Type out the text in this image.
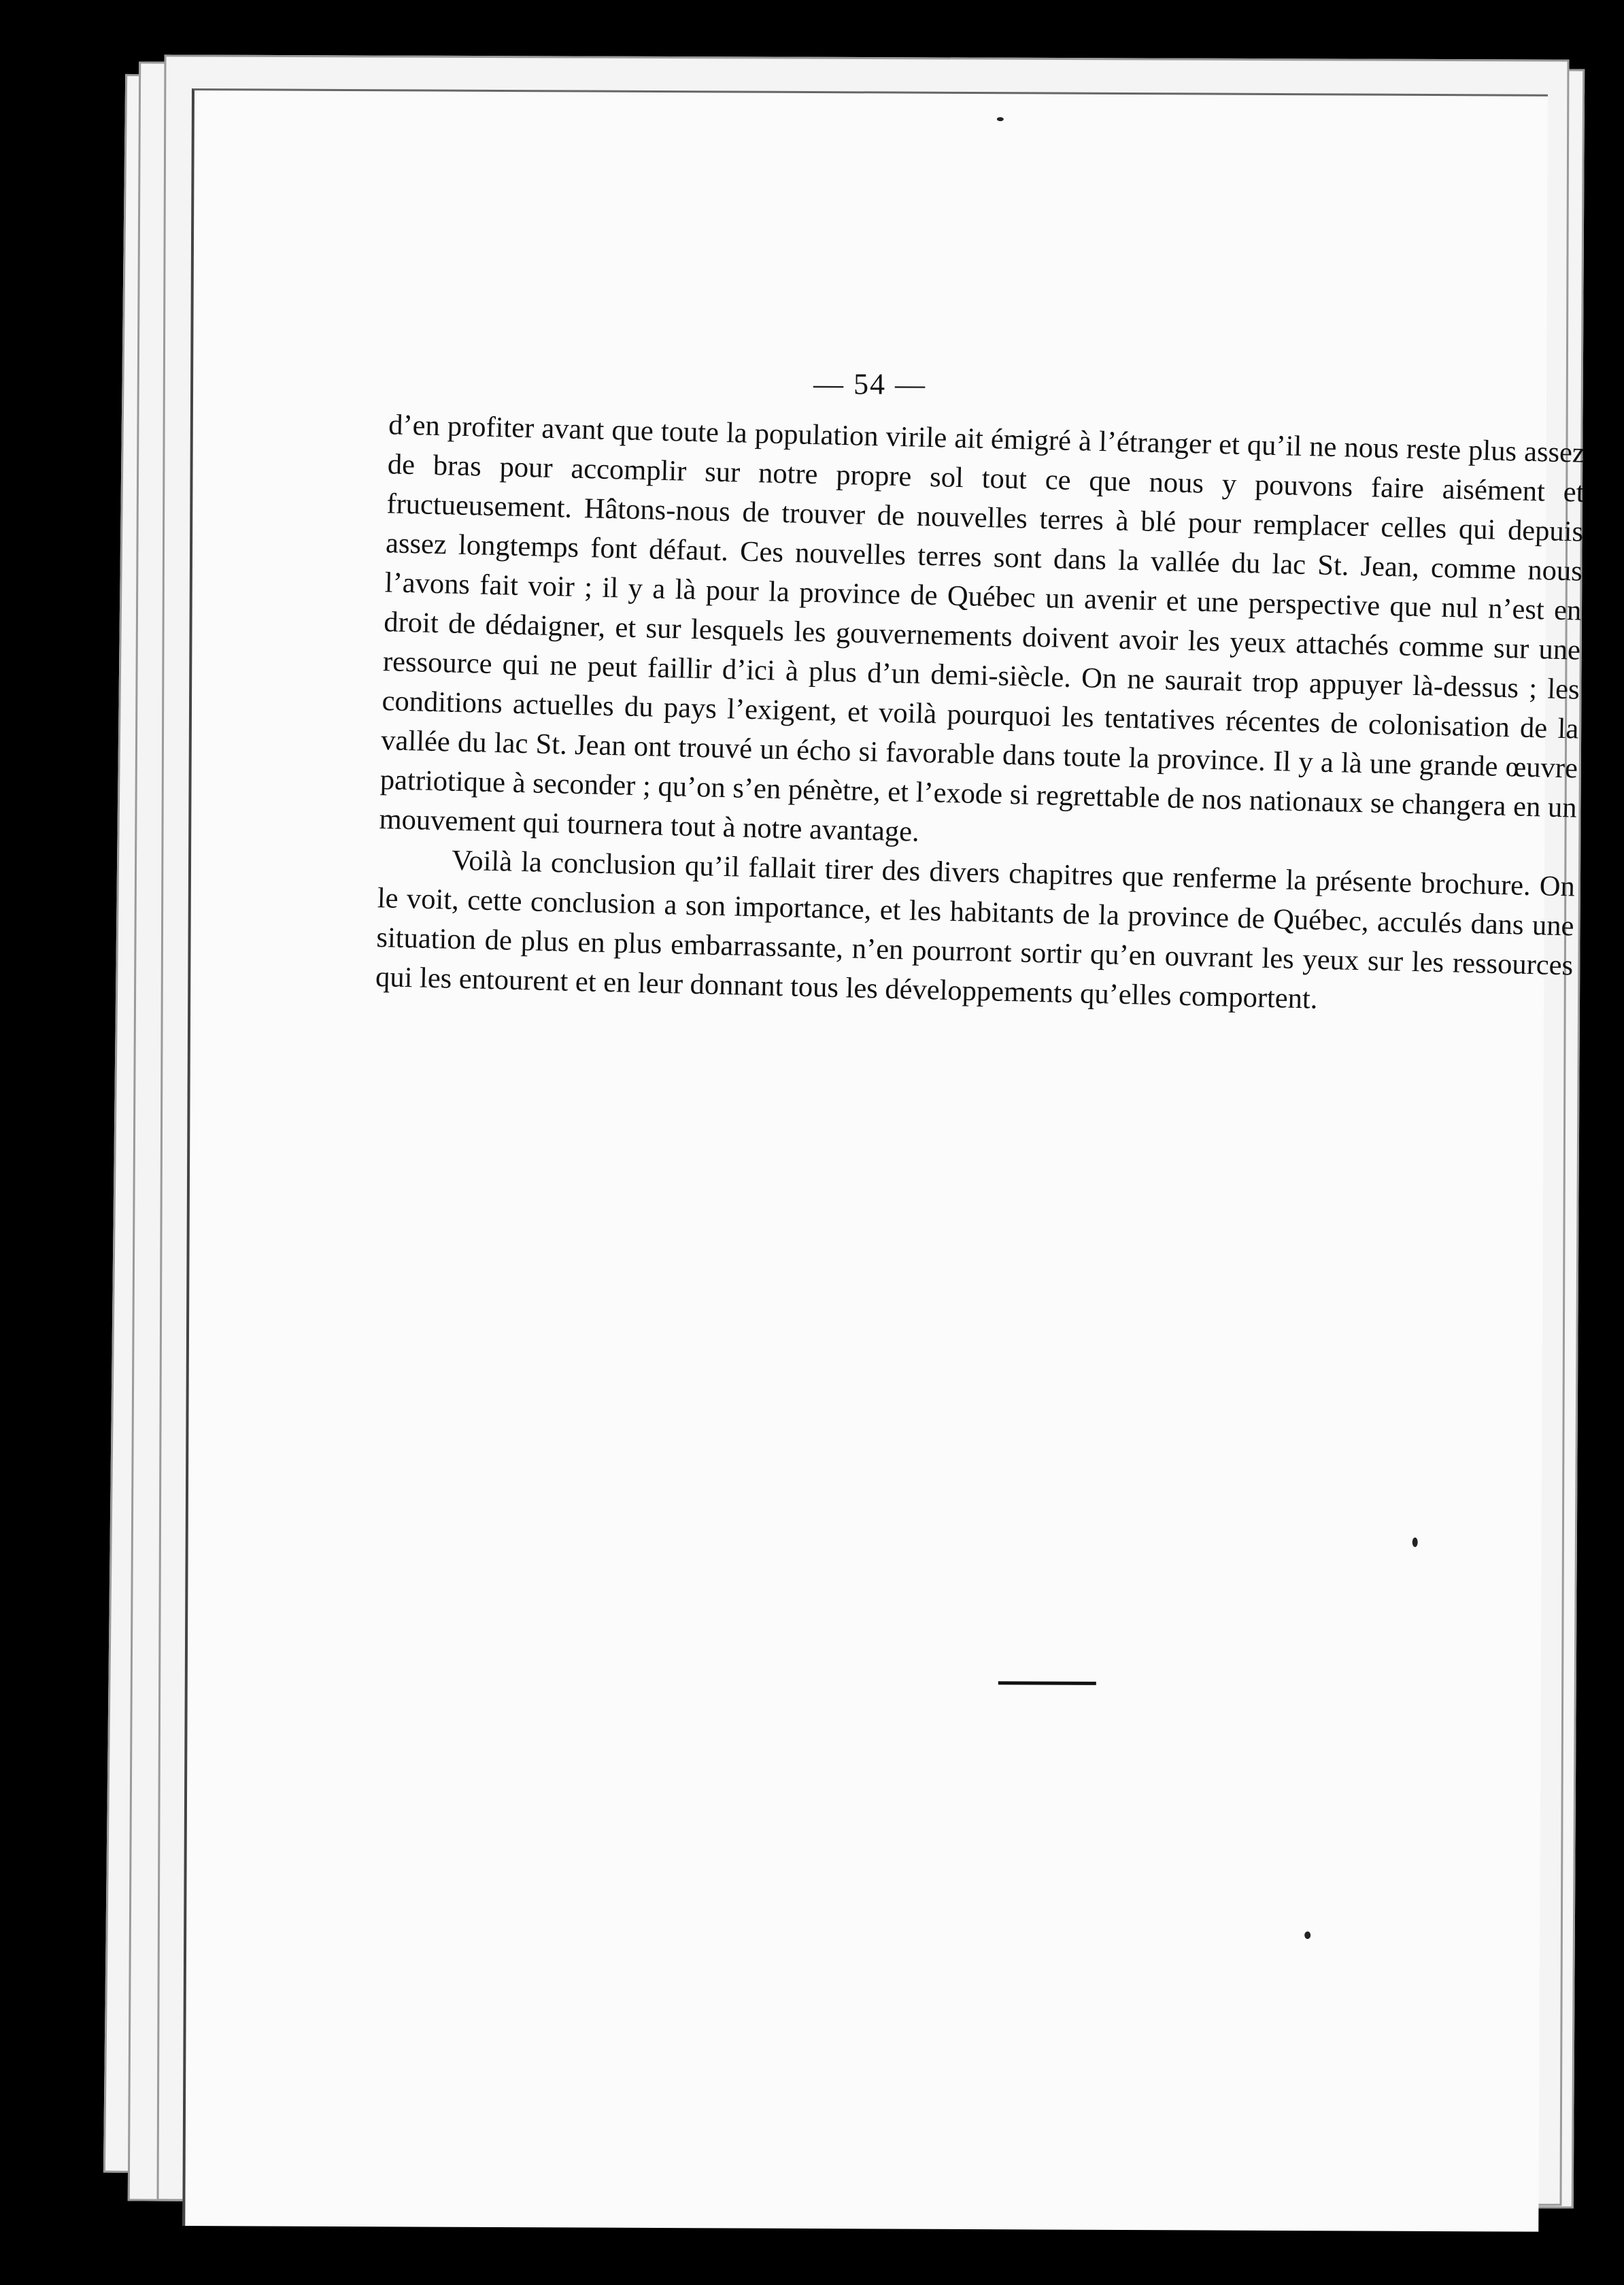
— 54 —

d’en profiter avant que toute la population virile ait émigré à l’étranger et qu’il ne nous reste plus assez de bras pour accomplir sur notre propre sol tout ce que nous y pouvons faire aisément et fructueusement. Hâtons-nous de trouver de nouvelles terres à blé pour remplacer celles qui depuis assez longtemps font défaut. Ces nouvelles terres sont dans la vallée du lac St. Jean, comme nous l’avons fait voir ; il y a là pour la province de Québec un avenir et une perspective que nul n’est en droit de dédaigner, et sur lesquels les gouvernements doivent avoir les yeux attachés comme sur une ressource qui ne peut faillir d’ici à plus d’un demi-siècle. On ne saurait trop appuyer là-dessus ; les conditions actuelles du pays l’exigent, et voilà pourquoi les tentatives récentes de colonisation de la vallée du lac St. Jean ont trouvé un écho si favorable dans toute la province. Il y a là une grande œuvre patriotique à seconder ; qu’on s’en pénètre, et l’exode si regrettable de nos nationaux se changera en un mouvement qui tournera tout à notre avantage.

Voilà la conclusion qu’il fallait tirer des divers chapitres que renferme la présente brochure. On le voit, cette conclusion a son importance, et les habitants de la province de Québec, acculés dans une situation de plus en plus embarrassante, n’en pourront sortir qu’en ouvrant les yeux sur les ressources qui les entourent et en leur donnant tous les développements qu’elles comportent.
